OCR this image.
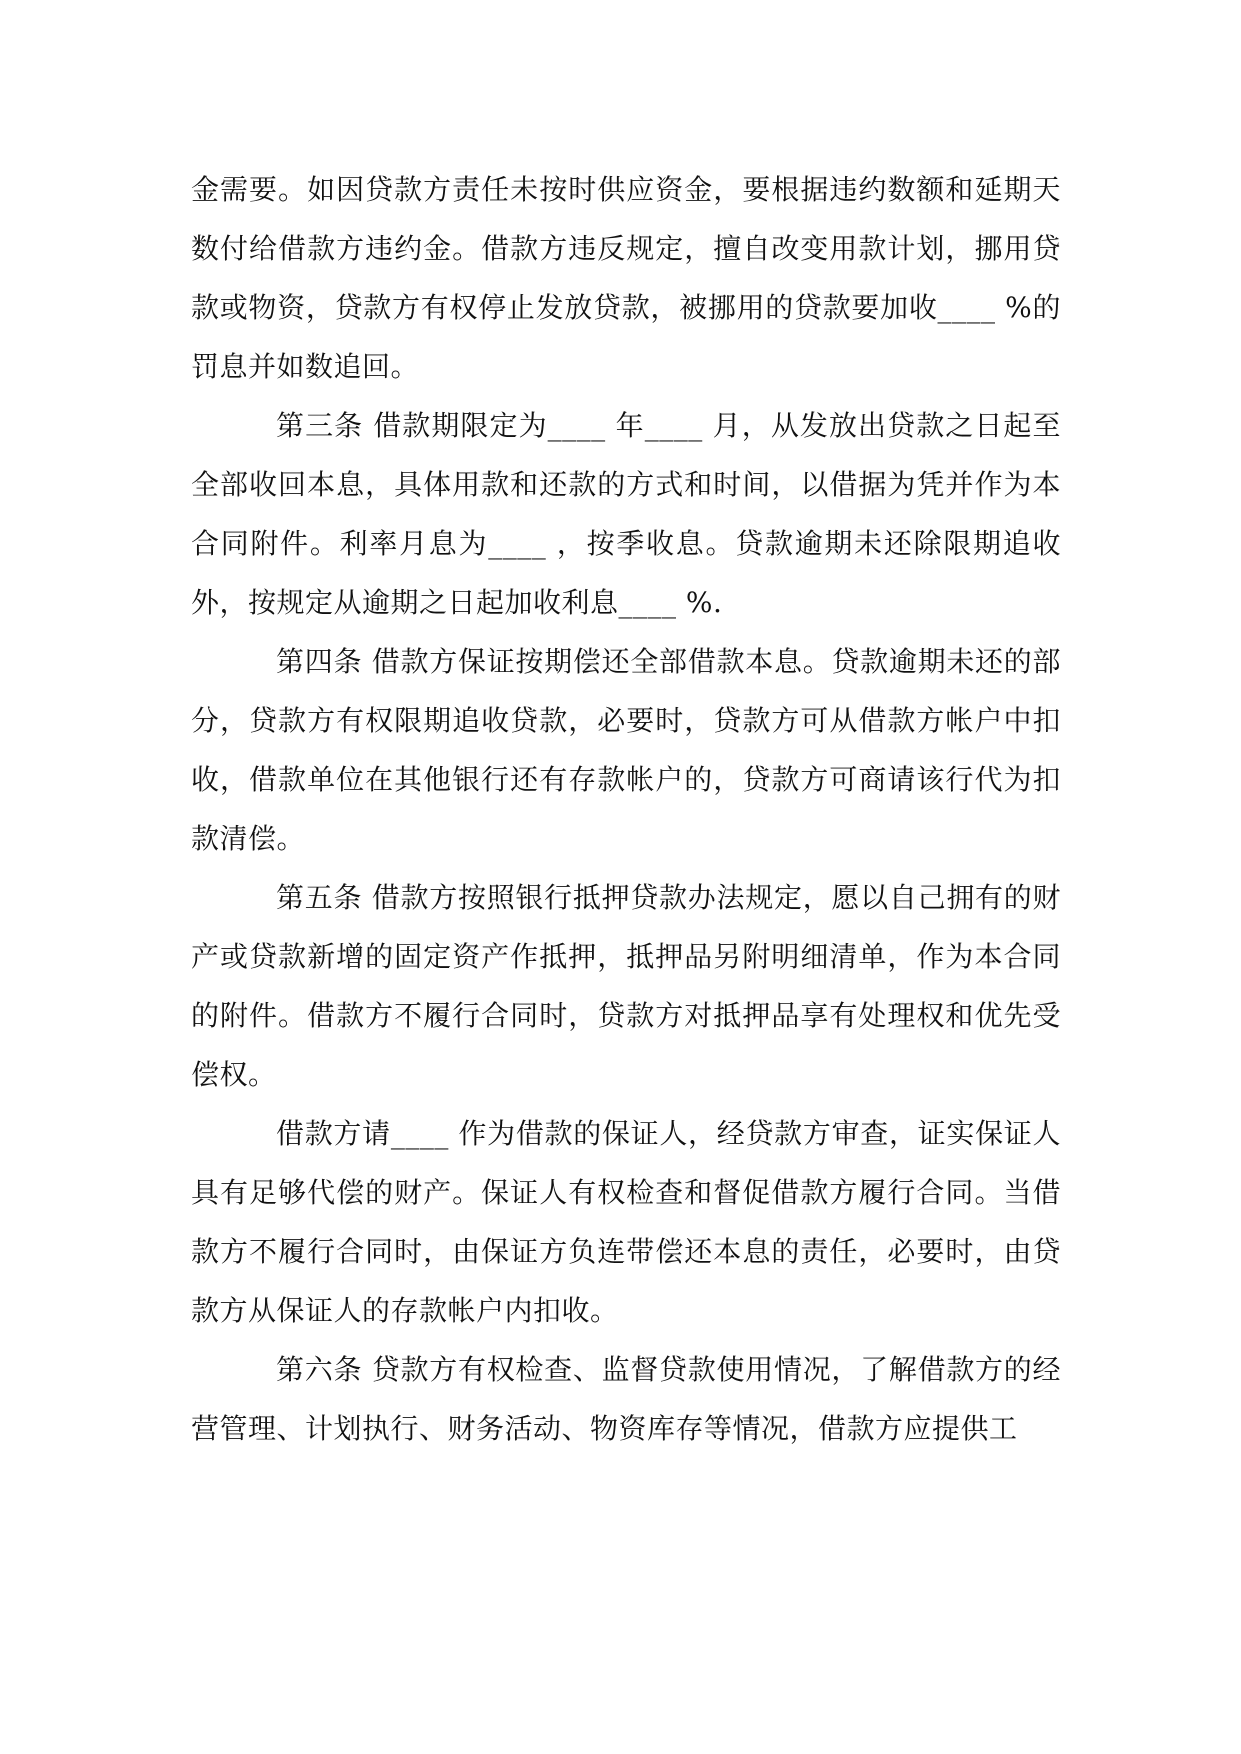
金需要。如因贷款方责任未按时供应资金，要根据违约数额和延期天数付给借款方违约金。借款方违反规定，擅自改变用款计划，挪用贷款或物资，贷款方有权停止发放贷款，被挪用的贷款要加收____ %的罚息并如数追回。

第三条 借款期限定为____ 年____ 月，从发放出贷款之日起至全部收回本息，具体用款和还款的方式和时间，以借据为凭并作为本合同附件。利率月息为____ ，按季收息。贷款逾期未还除限期追收外，按规定从逾期之日起加收利息____ %.

第四条 借款方保证按期偿还全部借款本息。贷款逾期未还的部分，贷款方有权限期追收贷款，必要时，贷款方可从借款方帐户中扣收，借款单位在其他银行还有存款帐户的，贷款方可商请该行代为扣款清偿。

第五条 借款方按照银行抵押贷款办法规定，愿以自己拥有的财产或贷款新增的固定资产作抵押，抵押品另附明细清单，作为本合同的附件。借款方不履行合同时，贷款方对抵押品享有处理权和优先受偿权。

借款方请____ 作为借款的保证人，经贷款方审查，证实保证人具有足够代偿的财产。保证人有权检查和督促借款方履行合同。当借款方不履行合同时，由保证方负连带偿还本息的责任，必要时，由贷款方从保证人的存款帐户内扣收。

第六条 贷款方有权检查、监督贷款使用情况，了解借款方的经营管理、计划执行、财务活动、物资库存等情况，借款方应提供工
